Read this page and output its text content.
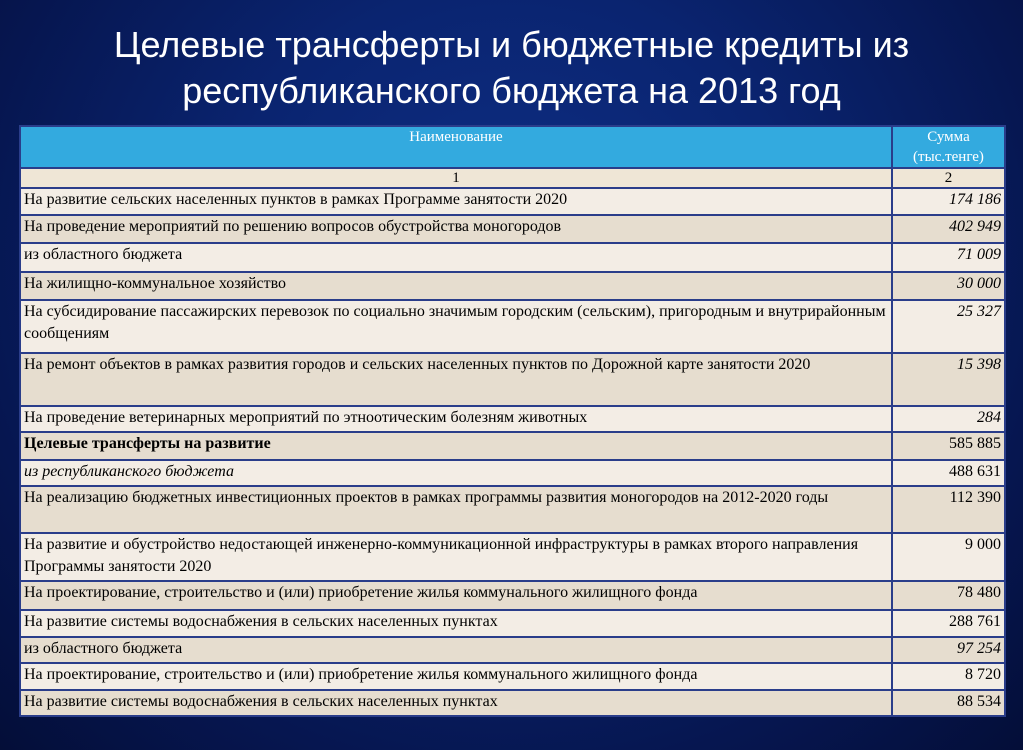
Целевые трансферты и бюджетные кредиты из
республиканского бюджета на 2013 год
Наименование	Сумма
(тыс.тенге)
1	2
На развитие сельских населенных пунктов в рамках Программе занятости 2020	174 186
На проведение мероприятий по решению вопросов обустройства моногородов	402 949
из областного бюджета	71 009
На жилищно-коммунальное хозяйство	30 000
На субсидирование пассажирских перевозок по социально значимым городским (сельским), пригородным и внутрирайонным сообщениям	25 327
На ремонт объектов в рамках развития городов и сельских населенных пунктов по Дорожной карте занятости 2020	15 398
На проведение ветеринарных мероприятий по этноотическим болезням животных	284
Целевые трансферты на развитие	585 885
из республиканского бюджета	488 631
На реализацию бюджетных инвестиционных проектов в рамках программы развития моногородов на 2012-2020 годы	112 390
На развитие и обустройство недостающей инженерно-коммуникационной инфраструктуры в рамках второго направления Программы занятости 2020	9 000
На проектирование, строительство и (или) приобретение жилья коммунального жилищного фонда	78 480
На развитие системы водоснабжения в сельских населенных пунктах	288 761
из областного бюджета	97 254
На проектирование, строительство и (или) приобретение жилья коммунального жилищного фонда	8 720
На развитие системы водоснабжения в сельских населенных пунктах	88 534
